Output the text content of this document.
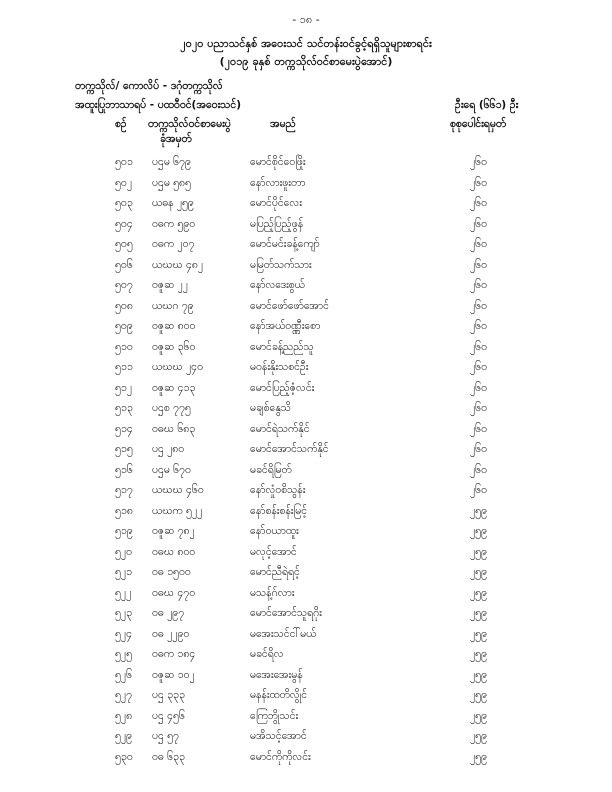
- ၁၈ -
၂၀၂၀ ပညာသင်နှစ် အဝေးသင် သင်တန်းဝင်ခွင့်ရရှိသူများစာရင်း
(၂၀၁၉ ခုနှစ် တက္ကသိုလ်ဝင်စာမေးပွဲအောင်)
တက္ကသိုလ်/ ကောလိပ် - ဒဂုံတက္ကသိုလ်
အထူးပြုဘာသာရပ် - ပထဝီဝင်(အဝေးသင်)	ဦးရေ (၆၆၁) ဦး
စဉ် တက္ကသိုလ်ဝင်စာမေးပွဲ
ခုံအမှတ်
အမည်	စုစုပေါင်းရမှတ်
၅၀၁ ပဌမ ၆၇၉	မောင်စိုင်ဝေဖြိုး	၂၆၀
၅၀၂ ပဌမ ၅၈၅	နော်လားဖူးတာ	၂၆၀
၅၀၃ ယဓန ၂၅၉	မောင်ပိုင်လေး	၂၆၀
၅၀၄ ဝဓက ၅၉၀	မပြည့်ပြည့်ဖွန်	၂၆၀
၅၀၅ ဝဓက ၂၀၇	မောင်မင်းခန့်ကျော်	၂၆၀
၅၀၆ ယဃဃ ၄၈၂	မမြတ်သက်သား	၂၆၀
၅၀၇ ဝဇူဆ ၂၂	နော်လဒေးစွယ်	၂၆၀
၅၀၈ ယဃဂ ၇၉	မောင်ဖော်ဖော်အောင်	၂၆၀
၅၀၉ ဝဇူဆ ၈၀၀	နော်အယ်ဝဏ္ဏီးစော	၂၆၀
၅၁၀ ဝဇူဆ ၃၆၀	မောင်ခန့်ညည်သူ	၂၆၀
၅၁၁ ယဃဃ ၂၄၀	မဝန်းနိုးသစင်ဦး	၂၆၀
၅၁၂ ဝဇူဆ ၄၁၃	မောင်ပြည့်ဇံ့လင်း	၂၆၀
၅၁၃ ပဌစ ၇၇၅	မချစ်နွေသိ	၂၆၀
၅၁၄ ဝဓဃ ၆၈၃	မောင်ရဲသက်နိုင်	၂၆၀
၅၁၅ ပဌ ၂၈၀	မောင်အောင်သက်နိုင်	၂၆၀
၅၁၆ ပဌမ ၆၇၀	မခင်ရိမြတ်	၂၆၀
၅၁၇ ယဃဃ ၄၆၀	နော်လှုံ၀စိသွန်း	၂၆၀
၅၁၈ ယဃက ၅၂၂	နော်စန်းစန်းမြင့်	၂၅၉
၅၁၉ ဝဇူဆ ၇၈၂	နော်ဝယာထူး	၂၅၉
၅၂၀ ဝဓဃ ၈၀၀	မလုင့်အောင်	၂၅၉
၅၂၁ ဝဓ ၁၅၀၀	မောင်ညီရဲရင့်	၂၅၉
၅၂၂ ဝဓဃ ၄၇၀	မသန့်ဂ်လား	၂၅၉
၅၂၃ ဝဓ ၂၉၇	မောင်အောင်သူရဂိုး	၂၅၉
၅၂၄ ဝဓ ၂၂၉၀	မအေးသင်ငါ်မယ်	၂၅၉
၅၂၅ ဝဓက ၁၈၄	မခင်ရိလ	၂၅၉
၅၂၆ ဝဇူဆ ၁၀၂	မအေးအေးမွန်	၂၅၉
၅၂၇ ပဌ ၃၃၃	မနန်းထတိလွိုင်	၂၅၉
၅၂၈ ပဌ ၄၅၆	ကြေဘွိုသင်း	၂၅၉
၅၂၉ ပဌ ၅၇	မအိသင့်အောင်	၂၅၉
၅၃၀ ဝဓ ၆၃၃	မောင်ကိုကိုလင်း	၂၅၉
